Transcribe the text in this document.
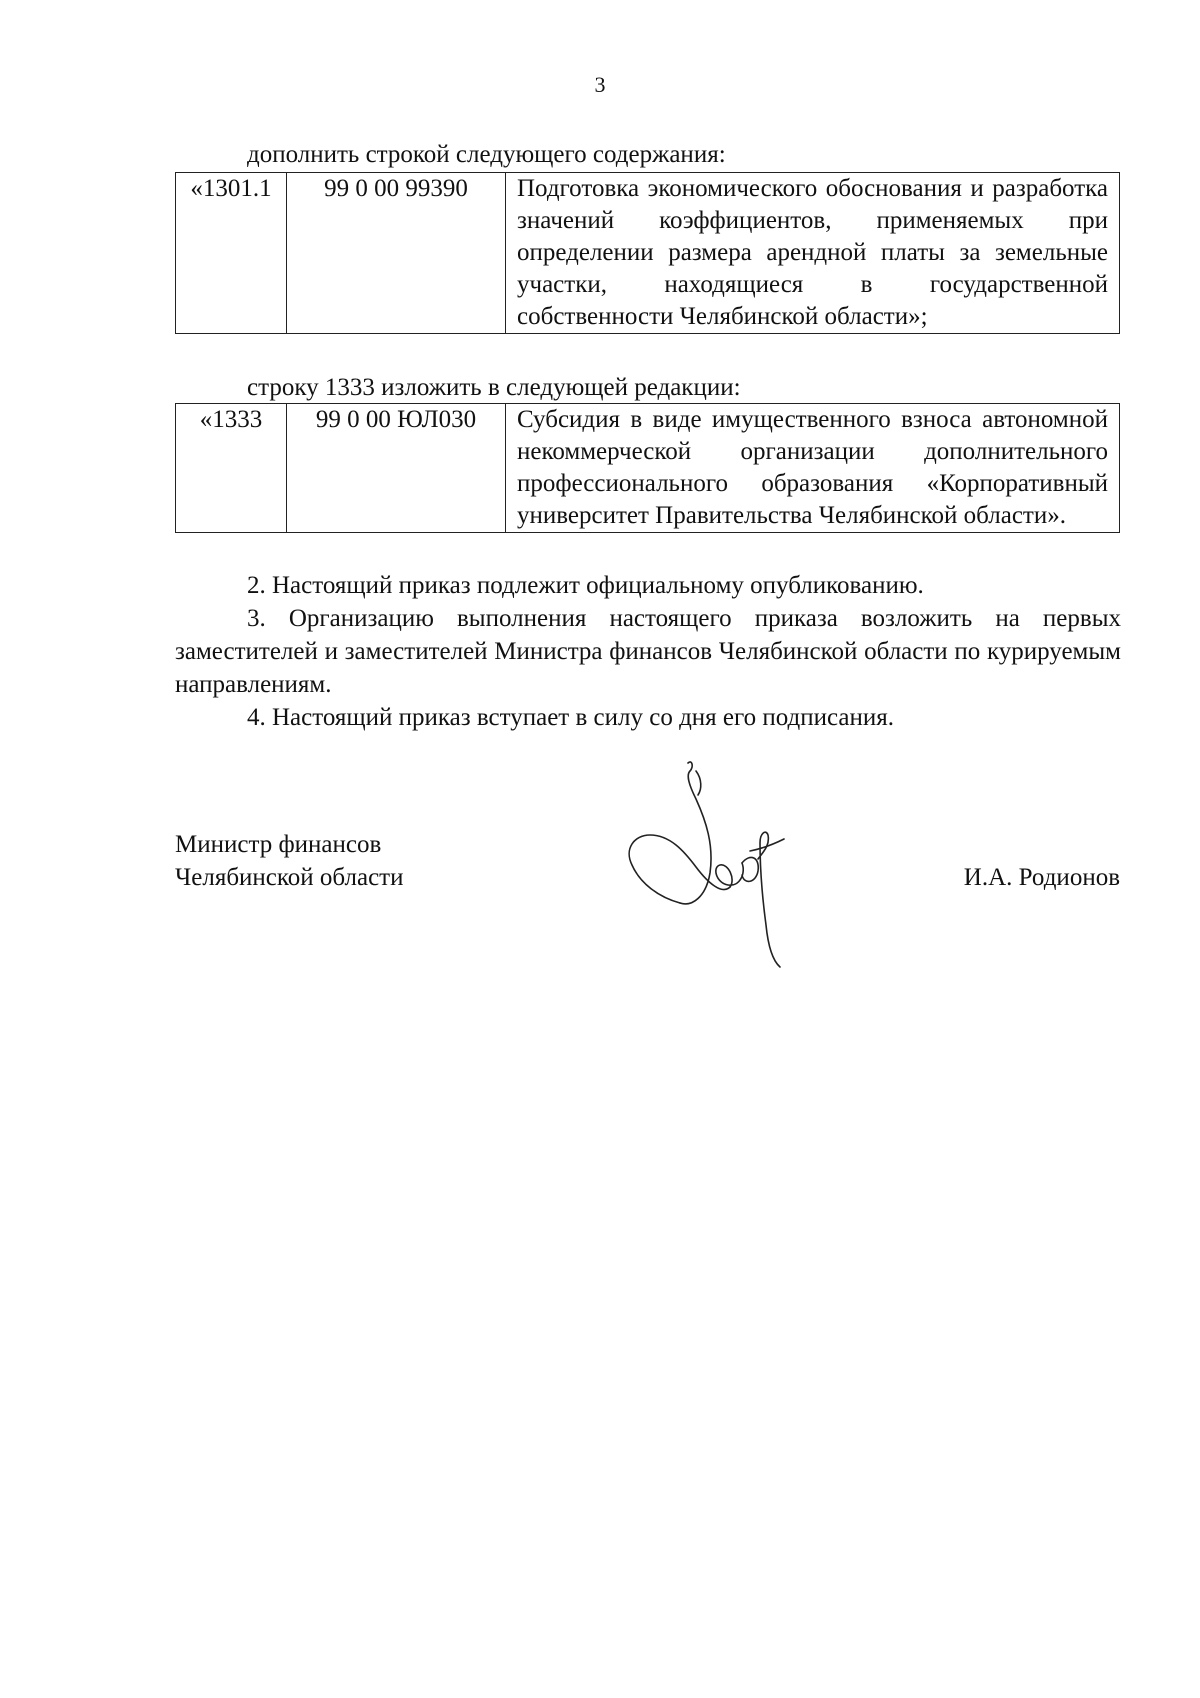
3
дополнить строкой следующего содержания:
«1301.1	99 0 00 99390	Подготовка экономического обоснования и разработка значений коэффициентов, применяемых при определении размера арендной платы за земельные участки, находящиеся в государственной собственности Челябинской области»;
строку 1333 изложить в следующей редакции:
«1333	99 0 00 ЮЛ030	Субсидия в виде имущественного взноса автономной некоммерческой организации дополнительного профессионального образования «Корпоративный университет Правительства Челябинской области».
2. Настоящий приказ подлежит официальному опубликованию.
3. Организацию выполнения настоящего приказа возложить на первых заместителей и заместителей Министра финансов Челябинской области по курируемым направлениям.
4. Настоящий приказ вступает в силу со дня его подписания.
Министр финансов
Челябинской области	И.А. Родионов
